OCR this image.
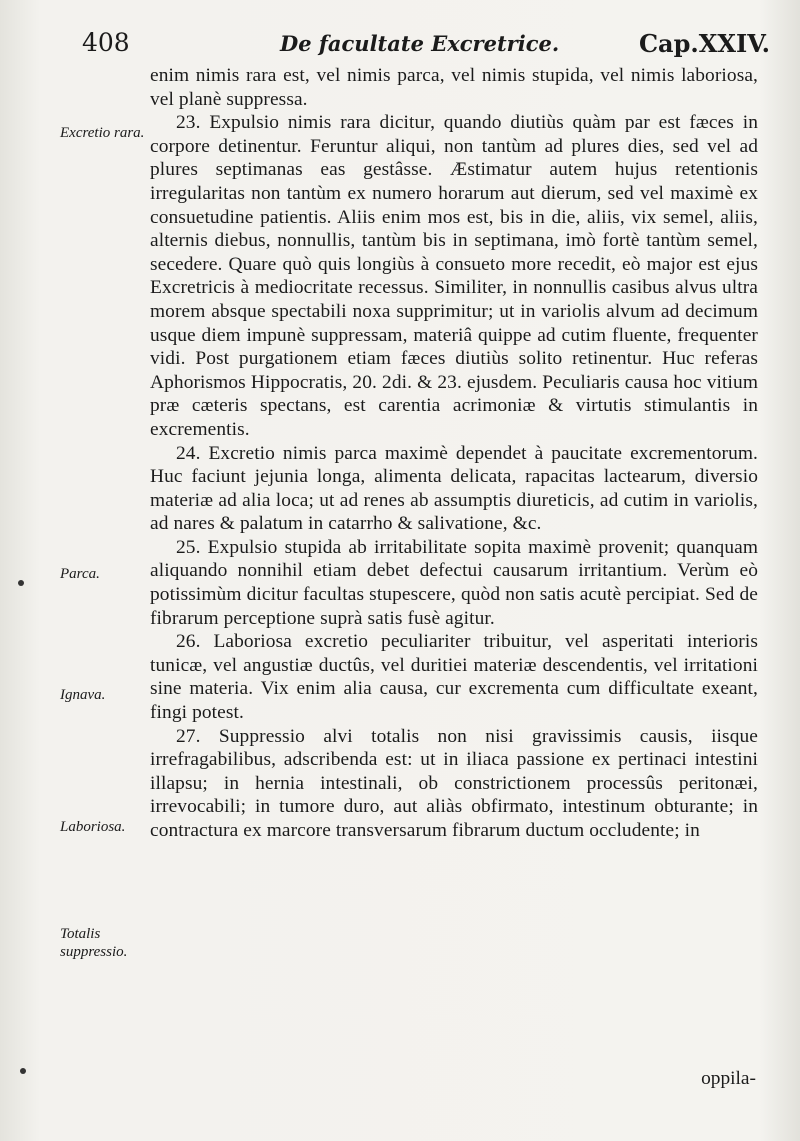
408	De facultate Excretrice.	Cap.XXIV.
Excretio rara.
Parca.
Ignava.
Laboriosa.
Totalis suppressio.

enim nimis rara est, vel nimis parca, vel nimis stupida, vel nimis laboriosa, vel planè suppressa.

23. Expulsio nimis rara dicitur, quando diutiùs quàm par est fæces in corpore detinentur. Feruntur aliqui, non tantùm ad plures dies, sed vel ad plures septimanas eas gestâsse. Æstimatur autem hujus retentionis irregularitas non tantùm ex numero horarum aut dierum, sed vel maximè ex consuetudine patientis. Aliis enim mos est, bis in die, aliis, vix semel, aliis, alternis diebus, nonnullis, tantùm bis in septimana, imò fortè tantùm semel, secedere. Quare quò quis longiùs à consueto more recedit, eò major est ejus Excretricis à mediocritate recessus. Similiter, in nonnullis casibus alvus ultra morem absque spectabili noxa supprimitur; ut in variolis alvum ad decimum usque diem impunè suppressam, materiâ quippe ad cutim fluente, frequenter vidi. Post purgationem etiam fæces diutiùs solito retinentur. Huc referas Aphorismos Hippocratis, 20. 2di. & 23. ejusdem. Peculiaris causa hoc vitium præ cæteris spectans, est carentia acrimoniæ & virtutis stimulantis in excrementis.

24. Excretio nimis parca maximè dependet à paucitate excrementorum. Huc faciunt jejunia longa, alimenta delicata, rapacitas lactearum, diversio materiæ ad alia loca; ut ad renes ab assumptis diureticis, ad cutim in variolis, ad nares & palatum in catarrho & salivatione, &c.

25. Expulsio stupida ab irritabilitate sopita maximè provenit; quanquam aliquando nonnihil etiam debet defectui causarum irritantium. Verùm eò potissimùm dicitur facultas stupescere, quòd non satis acutè percipiat. Sed de fibrarum perceptione suprà satis fusè agitur.

26. Laboriosa excretio peculiariter tribuitur, vel asperitati interioris tunicæ, vel angustiæ ductûs, vel duritiei materiæ descendentis, vel irritationi sine materia. Vix enim alia causa, cur excrementa cum difficultate exeant, fingi potest.

27. Suppressio alvi totalis non nisi gravissimis causis, iisque irrefragabilibus, adscribenda est: ut in iliaca passione ex pertinaci intestini illapsu; in hernia intestinali, ob constrictionem processûs peritonæi, irrevocabili; in tumore duro, aut aliàs obfirmato, intestinum obturante; in contractura ex marcore transversarum fibrarum ductum occludente; in

oppila-
